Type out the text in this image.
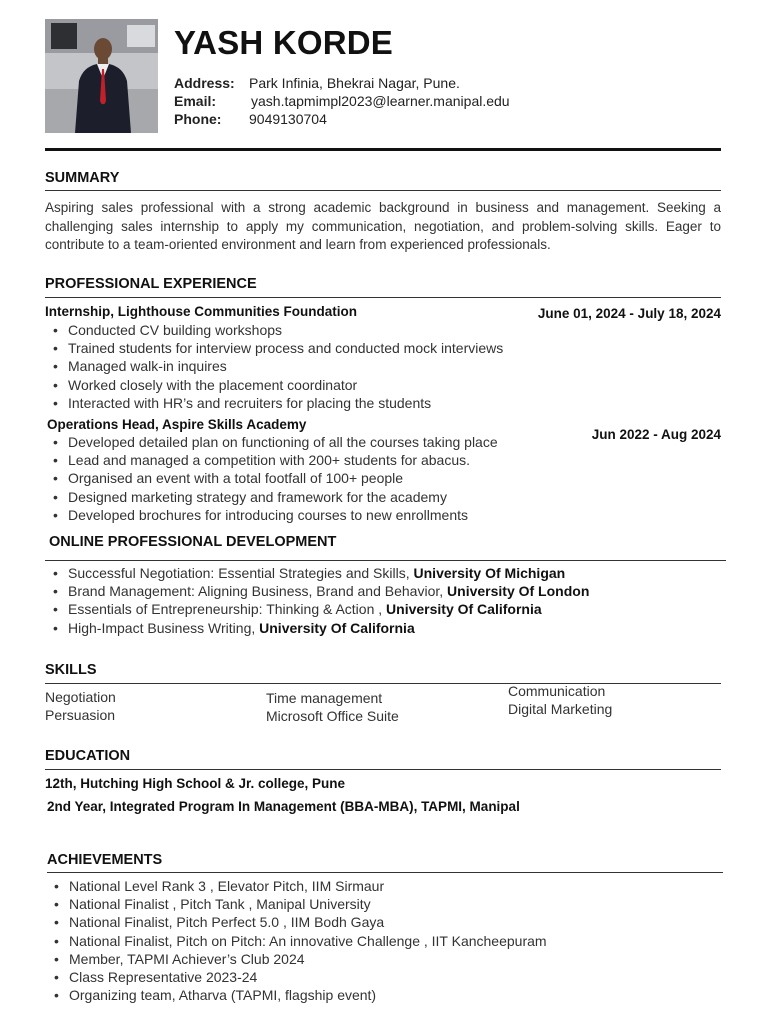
YASH KORDE
Address: Park Infinia, Bhekrai Nagar, Pune.
Email: yash.tapmimpl2023@learner.manipal.edu
Phone: 9049130704
SUMMARY
Aspiring sales professional with a strong academic background in business and management. Seeking a challenging sales internship to apply my communication, negotiation, and problem-solving skills. Eager to contribute to a team-oriented environment and learn from experienced professionals.
PROFESSIONAL EXPERIENCE
Internship, Lighthouse Communities Foundation	June 01, 2024 - July 18, 2024
• Conducted CV building workshops
• Trained students for interview process and conducted mock interviews
• Managed walk-in inquires
• Worked closely with the placement coordinator
• Interacted with HR’s and recruiters for placing the students
Operations Head, Aspire Skills Academy
Jun 2022 - Aug 2024
• Developed detailed plan on functioning of all the courses taking place
• Lead and managed a competition with 200+ students for abacus.
• Organised an event with a total footfall of 100+ people
• Designed marketing strategy and framework for the academy
• Developed brochures for introducing courses to new enrollments
ONLINE PROFESSIONAL DEVELOPMENT
• Successful Negotiation: Essential Strategies and Skills, University Of Michigan
• Brand Management: Aligning Business, Brand and Behavior, University Of London
• Essentials of Entrepreneurship: Thinking & Action , University Of California
• High-Impact Business Writing, University Of California
SKILLS
Negotiation
Persuasion
Time management
Microsoft Office Suite
Communication
Digital Marketing
EDUCATION
12th, Hutching High School & Jr. college, Pune
2nd Year, Integrated Program In Management (BBA-MBA), TAPMI, Manipal
ACHIEVEMENTS
• National Level Rank 3 , Elevator Pitch, IIM Sirmaur
• National Finalist , Pitch Tank , Manipal University
• National Finalist, Pitch Perfect 5.0 , IIM Bodh Gaya
• National Finalist, Pitch on Pitch: An innovative Challenge , IIT Kancheepuram
• Member, TAPMI Achiever’s Club 2024
• Class Representative 2023-24
• Organizing team, Atharva (TAPMI, flagship event)
